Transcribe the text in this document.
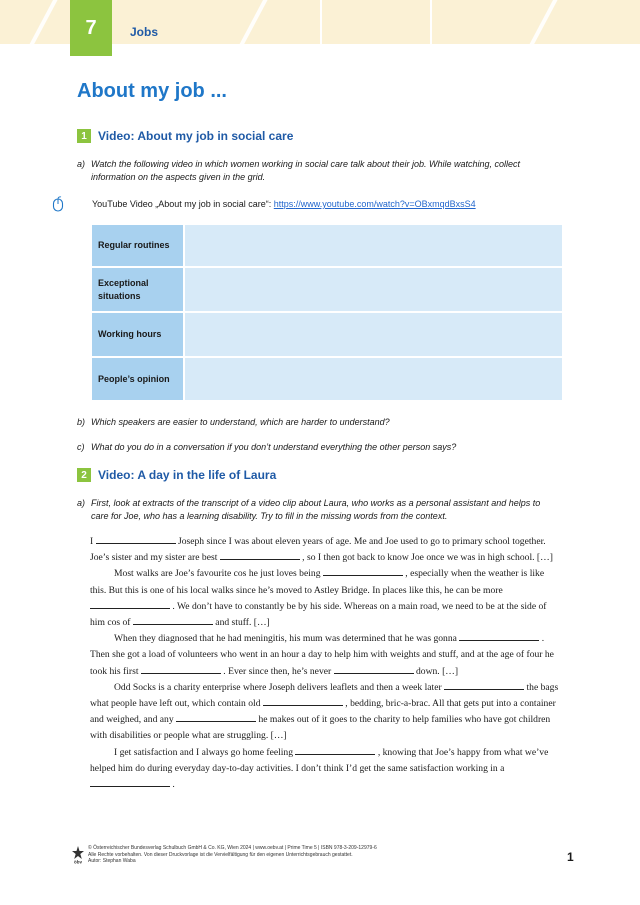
7	Jobs
About my job ...
1 Video: About my job in social care
a) Watch the following video in which women working in social care talk about their job. While watching, collect information on the aspects given in the grid.
YouTube Video „About my job in social care“: https://www.youtube.com/watch?v=OBxmqdBxsS4
Regular routines
Exceptional situations
Working hours
People’s opinion
b) Which speakers are easier to understand, which are harder to understand?
c) What do you do in a conversation if you don’t understand everything the other person says?
2 Video: A day in the life of Laura
a) First, look at extracts of the transcript of a video clip about Laura, who works as a personal assistant and helps to care for Joe, who has a learning disability. Try to fill in the missing words from the context.

I	Joseph since I was about eleven years of age. Me and Joe used to go to primary school together. Joe’s sister and my sister are best	, so I then got back to know Joe once we was in high school. […]

Most walks are Joe’s favourite cos he just loves being	, especially when the weather is like this. But this is one of his local walks since he’s moved to Astley Bridge. In places like this, he can be more  . We don’t have to constantly be by his side. Whereas on a main road, we need to be at the side of him cos of	and stuff. […]

When they diagnosed that he had meningitis, his mum was determined that he was gonna	. Then she got a load of volunteers who went in an hour a day to help him with weights and stuff, and at the age of four he took his first	. Ever since then, he’s never	down. […]

Odd Socks is a charity enterprise where Joseph delivers leaflets and then a week later	the bags what people have left out, which contain old	, bedding, bric-a-brac. All that gets put into a container and weighed, and any	he makes out of it goes to the charity to help families who have got children with disabilities or people what are struggling. […]

I get satisfaction and I always go home feeling	, knowing that Joe’s happy from what we’ve helped him do during everyday day-to-day activities. I don’t think I’d get the same satisfaction working in a  .

öbv
© Österreichischer Bundesverlag Schulbuch GmbH & Co. KG, Wien 2024 | www.oebv.at | Prime Time 5 | ISBN 978-3-209-12979-6
Alle Rechte vorbehalten. Von dieser Druckvorlage ist die Vervielfältigung für den eigenen Unterrichtsgebrauch gestattet.
Autor: Stephan Waba	1
